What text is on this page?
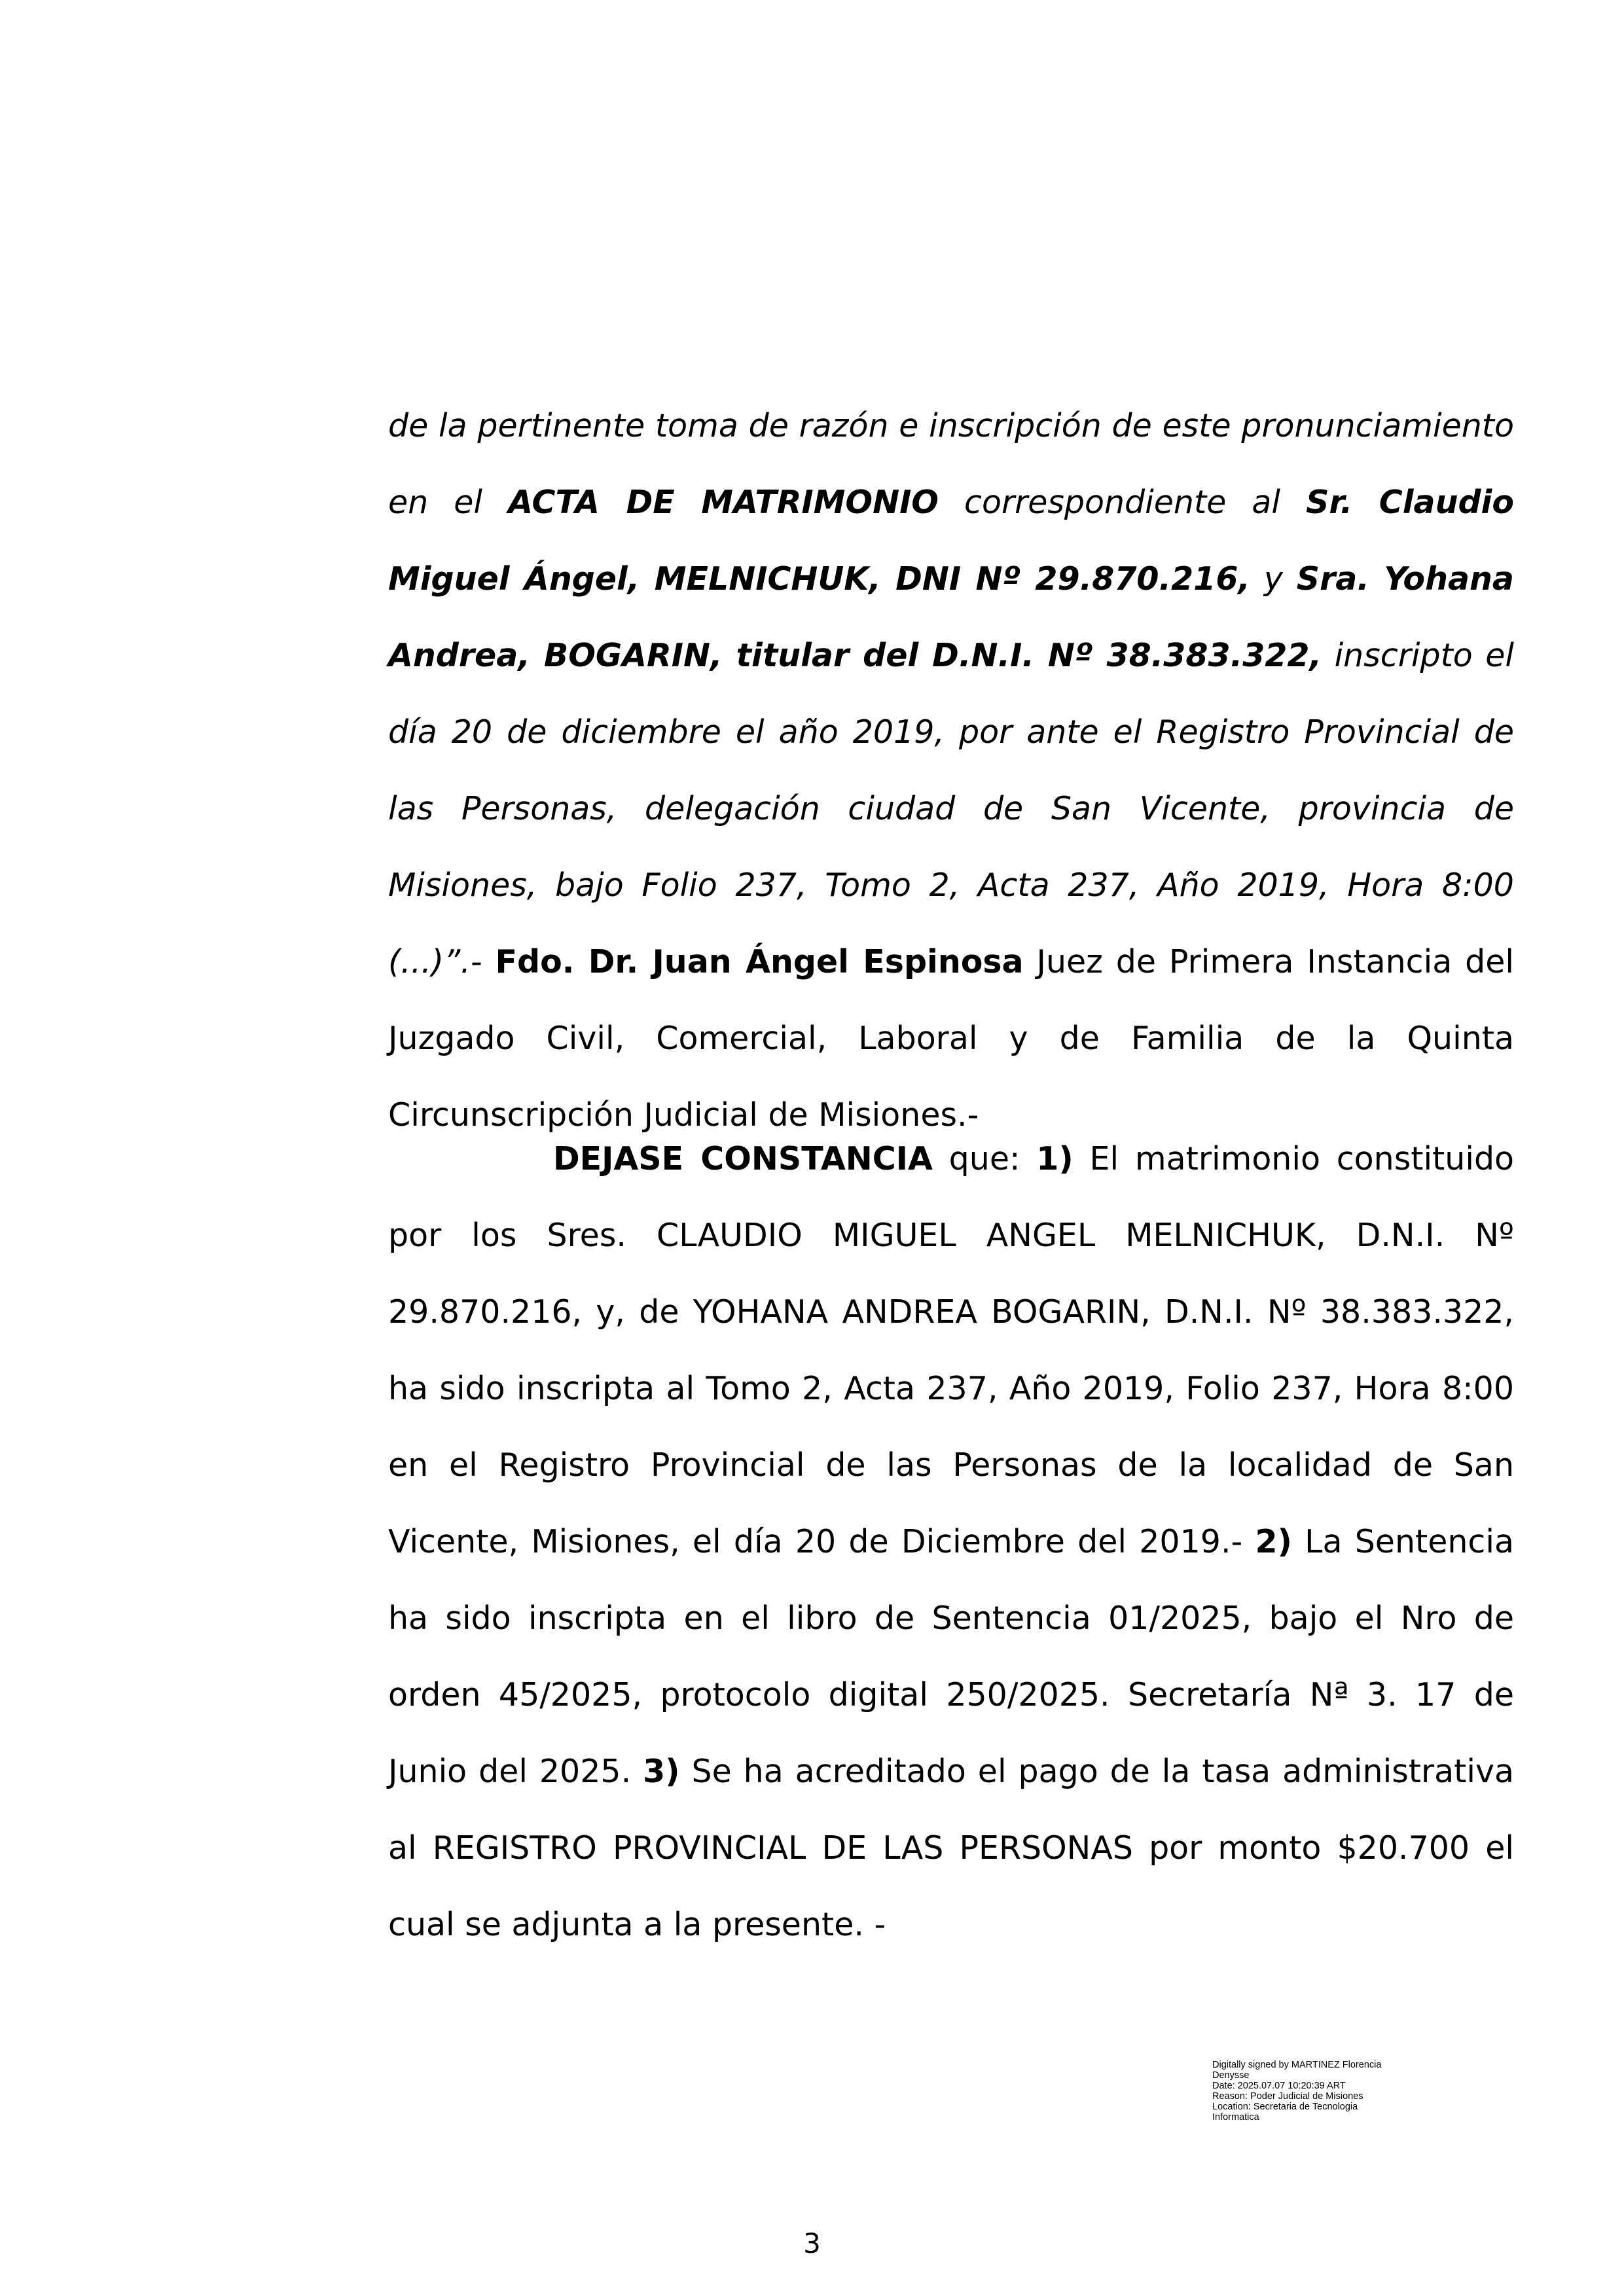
de la pertinente toma de razón e inscripción de este pronunciamiento en el ACTA DE MATRIMONIO correspondiente al Sr. Claudio Miguel Ángel, MELNICHUK, DNI Nº 29.870.216, y Sra. Yohana Andrea, BOGARIN, titular del D.N.I. Nº 38.383.322, inscripto el día 20 de diciembre el año 2019, por ante el Registro Provincial de las Personas, delegación ciudad de San Vicente, provincia de Misiones, bajo Folio 237, Tomo 2, Acta 237, Año 2019, Hora 8:00 (...)”.- Fdo. Dr. Juan Ángel Espinosa Juez de Primera Instancia del Juzgado Civil, Comercial, Laboral y de Familia de la Quinta Circunscripción Judicial de Misiones.-

DEJASE CONSTANCIA que: 1) El matrimonio constituido por los Sres. CLAUDIO MIGUEL ANGEL MELNICHUK, D.N.I. Nº 29.870.216, y, de YOHANA ANDREA BOGARIN, D.N.I. Nº 38.383.322, ha sido inscripta al Tomo 2, Acta 237, Año 2019, Folio 237, Hora 8:00 en el Registro Provincial de las Personas de la localidad de San Vicente, Misiones, el día 20 de Diciembre del 2019.- 2) La Sentencia ha sido inscripta en el libro de Sentencia 01/2025, bajo el Nro de orden 45/2025, protocolo digital 250/2025. Secretaría Nª 3. 17 de Junio del 2025. 3) Se ha acreditado el pago de la tasa administrativa al REGISTRO PROVINCIAL DE LAS PERSONAS por monto $20.700 el cual se adjunta a la presente. -

Digitally signed by MARTINEZ Florencia
Denysse
Date: 2025.07.07 10:20:39 ART
Reason: Poder Judicial de Misiones
Location: Secretaria de Tecnologia
Informatica
3
